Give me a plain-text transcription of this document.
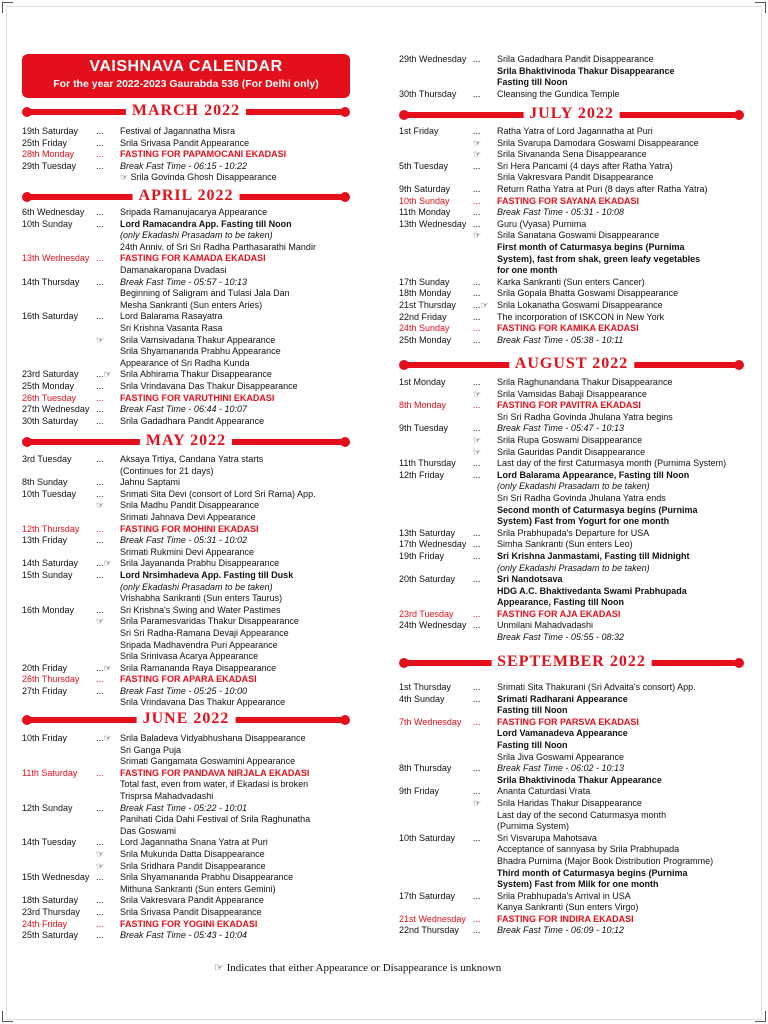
VAISHNAVA CALENDAR
For the year 2022-2023 Gaurabda 536 (For Delhi only)
MARCH 2022
19th Saturday	...	Festival of Jagannatha Misra
25th Friday	...	Srila Srivasa Pandit Appearance
28th Monday	...	FASTING FOR PAPAMOCANI EKADASI
29th Tuesday	...	Break Fast Time - 06:15 - 10:22
☞ Srila Govinda Ghosh Disappearance
APRIL 2022
6th Wednesday	...	Sripada Ramanujacarya Appearance
10th Sunday	...	Lord Ramacandra App. Fasting till Noon
(only Ekadashi Prasadam to be taken)
24th Anniv. of Sri Sri Radha Parthasarathi Mandir
13th Wednesday ...	FASTING FOR KAMADA EKADASI
Damanakaropana Dvadasi
14th Thursday	...	Break Fast Time - 05:57 - 10:13
Beginning of Saligram and Tulasi Jala Dan
Mesha Sankranti (Sun enters Aries)
16th Saturday	...	Lord Balarama Rasayatra
Sri Krishna Vasanta Rasa
☞	Srila Vamsivadana Thakur Appearance
Srila Shyamananda Prabhu Appearance
Appearance of Sri Radha Kunda
23rd Saturday	...☞ Srila Abhirama Thakur Disappearance
25th Monday	...	Srila Vrindavana Das Thakur Disappearance
26th Tuesday	...	FASTING FOR VARUTHINI EKADASI
27th Wednesday ...	Break Fast Time - 06:44 - 10:07
30th Saturday	...	Srila Gadadhara Pandit Appearance
MAY 2022
3rd Tuesday	...	Aksaya Trtiya, Candana Yatra starts
(Continues for 21 days)
8th Sunday	...	Jahnu Saptami
10th Tuesday	...	Srimati Sita Devi (consort of Lord Sri Rama) App.
☞	Srila Madhu Pandit Disappearance
Srimati Jahnava Devi Appearance
12th Thursday	...	FASTING FOR MOHINI EKADASI
13th Friday	...	Break Fast Time - 05:31 - 10:02
Srimati Rukmini Devi Appearance
14th Saturday	...☞ Srila Jayananda Prabhu Disappearance
15th Sunday	...	Lord Nrsimhadeva App. Fasting till Dusk
(only Ekadashi Prasadam to be taken)
Vrishabha Sankranti (Sun enters Taurus)
16th Monday	...	Sri Krishna's Swing and Water Pastimes
☞	Srila Paramesvaridas Thakur Disappearance
Sri Sri Radha-Ramana Devaji Appearance
Sripada Madhavendra Puri Appearance
Srila Srinivasa Acarya Appearance
20th Friday	...☞ Srila Ramananda Raya Disappearance
26th Thursday	...	FASTING FOR APARA EKADASI
27th Friday	...	Break Fast Time - 05:25 - 10:00
Srila Vrindavana Das Thakur Appearance
JUNE 2022
10th Friday	...☞ Srila Baladeva Vidyabhushana Disappearance
Sri Ganga Puja
Srimati Gangamata Goswamini Appearance
11th Saturday	...	FASTING FOR PANDAVA NIRJALA EKADASI
Total fast, even from water, if Ekadasi is broken
Trisprsa Mahadvadashi
12th Sunday	...	Break Fast Time - 05:22 - 10:01
Panihati Cida Dahi Festival of Srila Raghunatha
Das Goswami
14th Tuesday	...	Lord Jagannatha Snana Yatra at Puri
☞	Srila Mukunda Datta Disappearance
☞	Srila Sridhara Pandit Disappearance
15th Wednesday ...	Srila Shyamananda Prabhu Disappearance
Mithuna Sankranti (Sun enters Gemini)
18th Saturday	...	Srila Vakresvara Pandit Appearance
23rd Thursday	...	Srila Srivasa Pandit Disappearance
24th Friday	...	FASTING FOR YOGINI EKADASI
25th Saturday	...	Break Fast Time - 05:43 - 10:04
29th Wednesday ...	Srila Gadadhara Pandit Disappearance
Srila Bhaktivinoda Thakur Disappearance
Fasting till Noon
30th Thursday	...	Cleansing the Gundica Temple
JULY 2022
1st Friday	...	Ratha Yatra of Lord Jagannatha at Puri
☞	Srila Svarupa Damodara Goswami Disappearance
☞	Srila Sivananda Sena Disappearance
5th Tuesday	...	Sri Hera Pancami (4 days after Ratha Yatra)
Srila Vakresvara Pandit Disappearance
9th Saturday	...	Return Ratha Yatra at Puri (8 days after Ratha Yatra)
10th Sunday	...	FASTING FOR SAYANA EKADASI
11th Monday	...	Break Fast Time - 05:31 - 10:08
13th Wednesday ...	Guru (Vyasa) Purnima
☞	Srila Sanatana Goswami Disappearance
First month of Caturmasya begins (Purnima
System), fast from shak, green leafy vegetables
for one month
17th Sunday	...	Karka Sankranti (Sun enters Cancer)
18th Monday	...	Srila Gopala Bhatta Goswami Disappearance
21st Thursday	...☞ Srila Lokanatha Goswami Disappearance
22nd Friday	...	The incorporation of ISKCON in New York
24th Sunday	...	FASTING FOR KAMIKA EKADASI
25th Monday	...	Break Fast Time - 05:38 - 10:11
AUGUST 2022
1st Monday	...	Srila Raghunandana Thakur Disappearance
☞	Srila Vamsidas Babaji Disappearance
8th Monday	...	FASTING FOR PAVITRA EKADASI
Sri Sri Radha Govinda Jhulana Yatra begins
9th Tuesday	...	Break Fast Time - 05:47 - 10:13
☞	Srila Rupa Goswami Disappearance
☞	Srila Gauridas Pandit Disappearance
11th Thursday	...	Last day of the first Caturmasya month (Purnima System)
12th Friday	...	Lord Balarama Appearance, Fasting till Noon
(only Ekadashi Prasadam to be taken)
Sri Sri Radha Govinda Jhulana Yatra ends
Second month of Caturmasya begins (Purnima
System) Fast from Yogurt for one month
13th Saturday	...	Srila Prabhupada's Departure for USA
17th Wednesday ...	Simha Sankranti (Sun enters Leo)
19th Friday	...	Sri Krishna Janmastami, Fasting till Midnight
(only Ekadashi Prasadam to be taken)
20th Saturday	...	Sri Nandotsava
HDG A.C. Bhaktivedanta Swami Prabhupada
Appearance, Fasting till Noon
23rd Tuesday	...	FASTING FOR AJA EKADASI
24th Wednesday ...	Unmilani Mahadvadashi
Break Fast Time - 05:55 - 08:32
SEPTEMBER 2022
1st Thursday	...	Srimati Sita Thakurani (Sri Advaita's consort) App.
4th Sunday	...	Srimati Radharani Appearance
Fasting till Noon
7th Wednesday	...	FASTING FOR PARSVA EKADASI
Lord Vamanadeva Appearance
Fasting till Noon
Srila Jiva Goswami Appearance
8th Thursday	...	Break Fast Time - 06:02 - 10:13
Srila Bhaktivinoda Thakur Appearance
9th Friday	...	Ananta Caturdasi Vrata
☞	Srila Haridas Thakur Disappearance
Last day of the second Caturmasya month
(Purnima System)
10th Saturday	...	Sri Visvarupa Mahotsava
Acceptance of sannyasa by Srila Prabhupada
Bhadra Purnima (Major Book Distribution Programme)
Third month of Caturmasya begins (Purnima
System) Fast from Milk for one month
17th Saturday	...	Srila Prabhupada's Arrival in USA
Kanya Sankranti (Sun enters Virgo)
21st Wednesday ...	FASTING FOR INDIRA EKADASI
22nd Thursday	...	Break Fast Time - 06:09 - 10:12
☞ Indicates that either Appearance or Disappearance is unknown
